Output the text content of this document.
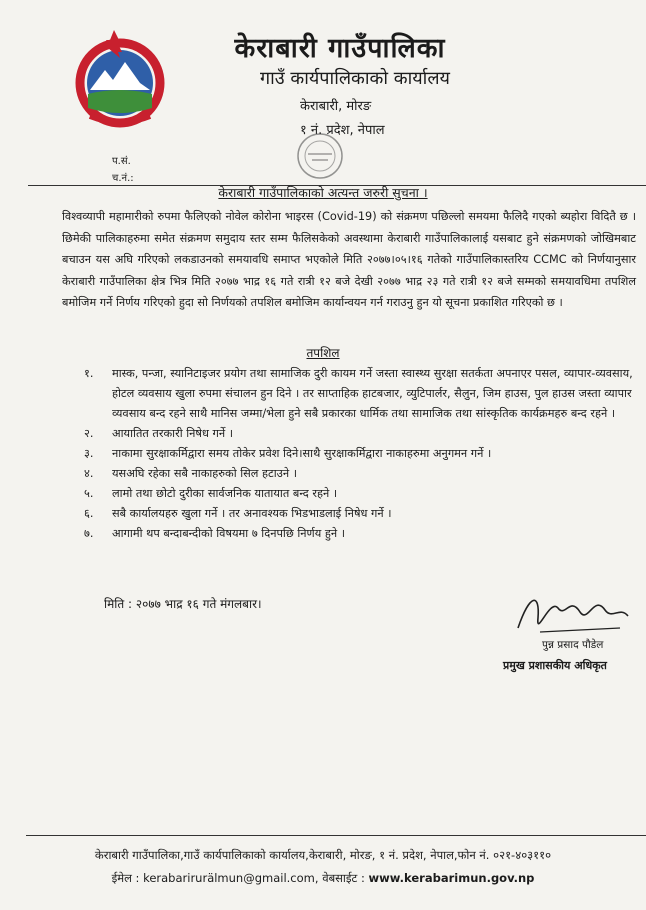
केराबारी गाउँपालिका
गाउँ कार्यपालिकाको कार्यालय
केराबारी, मोरङ
१ नं. प्रदेश, नेपाल
प.सं.
च.नं.:
केराबारी गाउँपालिकाको अत्यन्त जरुरी सुचना ।
विश्वव्यापी महामारीको रुपमा फैलिएको नोवेल कोरोना भाइरस (Covid-19) को संक्रमण पछिल्लो समयमा फैलिदै गएको ब्यहोरा विदितै छ । छिमेकी पालिकाहरुमा समेत संक्रमण समुदाय स्तर सम्म फैलिसकेको अवस्थामा केराबारी गाउँपालिकालाई यसबाट हुने संक्रमणको जोखिमबाट बचाउन यस अघि गरिएको लकडाउनको समयावधि समाप्त भएकोले मिति २०७७।०५।१६ गतेको गाउँपालिकास्तरिय CCMC को निर्णयानुसार केराबारी गाउँपालिका क्षेत्र भित्र मिति २०७७ भाद्र १६ गते रात्री १२ बजे देखी २०७७ भाद्र २३ गते रात्री १२ बजे सम्मको समयावधिमा तपशिल बमोजिम गर्ने निर्णय गरिएको हुदा सो निर्णयको तपशिल बमोजिम कार्यान्वयन गर्न गराउनु हुन यो सूचना प्रकाशित गरिएको छ ।
तपशिल
१. मास्क, पन्जा, स्यानिटाइजर प्रयोग तथा सामाजिक दुरी कायम गर्ने जस्ता स्वास्थ्य सुरक्षा सतर्कता अपनाएर पसल, व्यापार-व्यवसाय, होटल व्यवसाय खुला रुपमा संचालन हुन दिने । तर साप्ताहिक हाटबजार, व्युटिपार्लर, सैलुन, जिम हाउस, पुल हाउस जस्ता व्यापार व्यवसाय बन्द रहने साथै मानिस जम्मा/भेला हुने सबै प्रकारका धार्मिक तथा सामाजिक तथा सांस्कृतिक कार्यक्रमहरु बन्द रहने ।
२. आयातित तरकारी निषेध गर्ने ।
३. नाकामा सुरक्षाकर्मिद्वारा समय तोकेर प्रवेश दिने।साथै सुरक्षाकर्मिद्वारा नाकाहरुमा अनुगमन गर्ने ।
४. यसअघि रहेका सबै नाकाहरुको सिल हटाउने ।
५. लामो तथा छोटो दुरीका सार्वजनिक यातायात बन्द रहने ।
६. सबै कार्यालयहरु खुला गर्ने । तर अनावश्यक भिडभाडलाई निषेध गर्ने ।
७. आगामी थप बन्दाबन्दीको विषयमा ७ दिनपछि निर्णय हुने ।
मिति : २०७७ भाद्र १६ गते मंगलबार।
पुन्न प्रसाद पौडेल
प्रमुख प्रशासकीय अधिकृत
केराबारी गाउँपालिका,गाउँ कार्यपालिकाको कार्यालय,केराबारी, मोरङ, १ नं. प्रदेश, नेपाल,फोन नं. ०२१-४०३११०
ईमेल : kerabarirurälmun@gmail.com, वेबसाईट : www.kerabarimun.gov.np
